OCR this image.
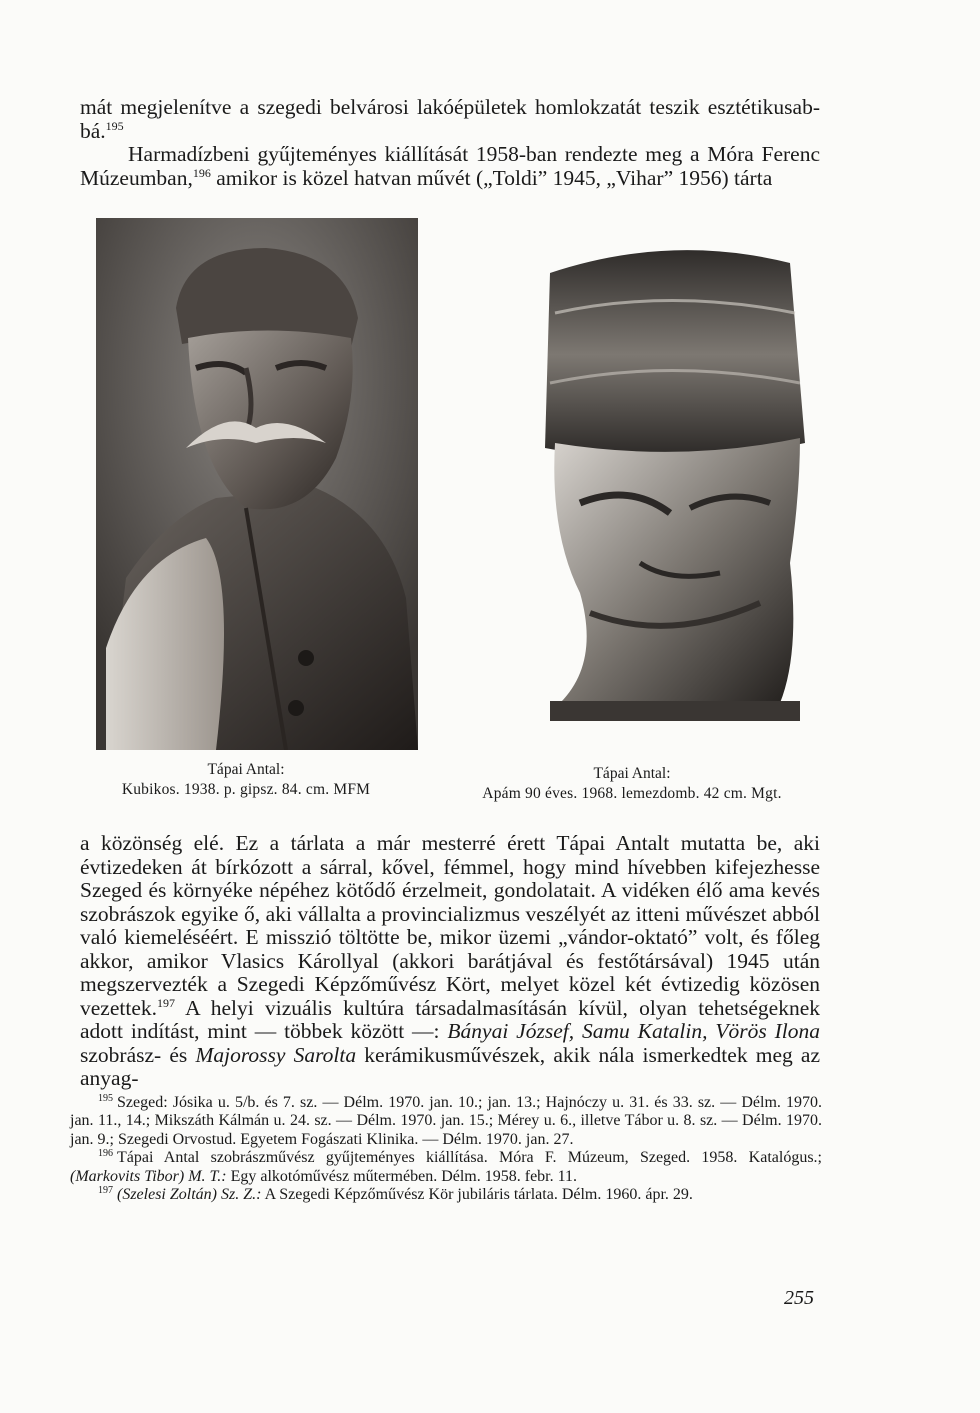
mát megjelenítve a szegedi belvárosi lakóépületek homlokzatát teszik esztétikusab-bá.$^{195}$
Harmadízbeni gyűjteményes kiállítását 1958-ban rendezte meg a Móra Ferenc Múzeumban,$^{196}$ amikor is közel hatvan művét („Toldi” 1945, „Vihar” 1956) tárta

Tápai Antal:
Kubikos. 1938. p. gipsz. 84. cm. MFM
Tápai Antal:
Apám 90 éves. 1968. lemezdomb. 42 cm. Mgt.

a közönség elé. Ez a tárlata a már mesterré érett Tápai Antalt mutatta be, aki évtizedeken át bírkózott a sárral, kővel, fémmel, hogy mind hívebben kifejezhesse Szeged és környéke népéhez kötődő érzelmeit, gondolatait. A vidéken élő ama kevés szobrászok egyike ő, aki vállalta a provincializmus veszélyét az itteni művészet abból való kiemeléséért. E misszió töltötte be, mikor üzemi „vándor-oktató” volt, és főleg akkor, amikor Vlasics Károllyal (akkori barátjával és festőtársával) 1945 után megszervezték a Szegedi Képzőművész Kört, melyet közel két évtizedig közösen vezettek.$^{197}$ A helyi vizuális kultúra társadalmasításán kívül, olyan tehetségeknek adott indítást, mint — többek között —: Bányai József, Samu Katalin, Vörös Ilona szobrász- és Majorossy Sarolta kerámikusművészek, akik nála ismerkedtek meg az anyag-

$^{195}$ Szeged: Jósika u. 5/b. és 7. sz. — Délm. 1970. jan. 10.; jan. 13.; Hajnóczy u. 31. és 33. sz. — Délm. 1970. jan. 11., 14.; Mikszáth Kálmán u. 24. sz. — Délm. 1970. jan. 15.; Mérey u. 6., illetve Tábor u. 8. sz. — Délm. 1970. jan. 9.; Szegedi Orvostud. Egyetem Fogászati Klinika. — Délm. 1970. jan. 27.

$^{196}$ Tápai Antal szobrászművész gyűjteményes kiállítása. Móra F. Múzeum, Szeged. 1958. Katalógus.; (Markovits Tibor) M. T.: Egy alkotóművész műtermében. Délm. 1958. febr. 11.

$^{197}$ (Szelesi Zoltán) Sz. Z.: A Szegedi Képzőművész Kör jubiláris tárlata. Délm. 1960. ápr. 29.

255
